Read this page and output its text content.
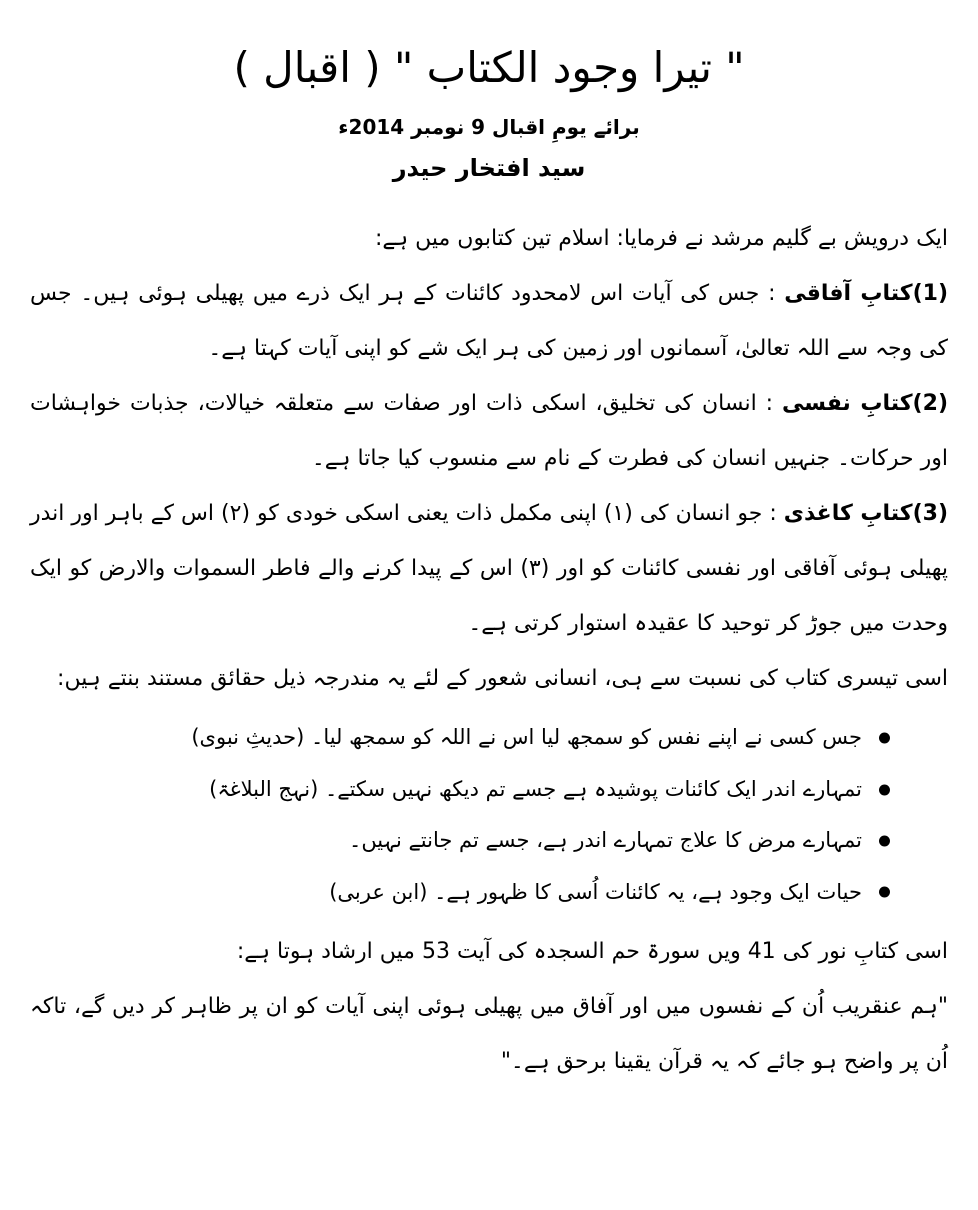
" تیرا وجود الکتاب " ( اقبال )
برائے یومِ اقبال 9 نومبر 2014ء
سید افتخار حیدر

ایک درویش بے گلیم مرشد نے فرمایا: اسلام تین کتابوں میں ہے:

(1)کتابِ آفاقی : جس کی آیات اس لامحدود کائنات کے ہر ایک ذرے میں پھیلی ہوئی ہیں۔ جس کی وجہ سے اللہ تعالیٰ، آسمانوں اور زمین کی ہر ایک شے کو اپنی آیات کہتا ہے۔

(2)کتابِ نفسی : انسان کی تخلیق، اسکی ذات اور صفات سے متعلقہ خیالات، جذبات خواہشات اور حرکات۔ جنہیں انسان کی فطرت کے نام سے منسوب کیا جاتا ہے۔

(3)کتابِ کاغذی : جو انسان کی (۱) اپنی مکمل ذات یعنی اسکی خودی کو (۲) اس کے باہر اور اندر پھیلی ہوئی آفاقی اور نفسی کائنات کو اور (۳) اس کے پیدا کرنے والے فاطر السموات والارض کو ایک وحدت میں جوڑ کر توحید کا عقیدہ استوار کرتی ہے۔

اسی تیسری کتاب کی نسبت سے ہی، انسانی شعور کے لئے یہ مندرجہ ذیل حقائق مستند بنتے ہیں:

جس کسی نے اپنے نفس کو سمجھ لیا اس نے اللہ کو سمجھ لیا۔ (حدیثِ نبوی)
تمہارے اندر ایک کائنات پوشیدہ ہے جسے تم دیکھ نہیں سکتے۔ (نہج البلاغۃ)
تمہارے مرض کا علاج تمہارے اندر ہے، جسے تم جانتے نہیں۔
حیات ایک وجود ہے، یہ کائنات اُسی کا ظہور ہے۔ (ابن عربی)

اسی کتابِ نور کی 41 ویں سورۃ حم السجدہ کی آیت 53 میں ارشاد ہوتا ہے:

"ہم عنقریب اُن کے نفسوں میں اور آفاق میں پھیلی ہوئی اپنی آیات کو ان پر ظاہر کر دیں گے، تاکہ اُن پر واضح ہو جائے کہ یہ قرآن یقینا برحق ہے۔"
